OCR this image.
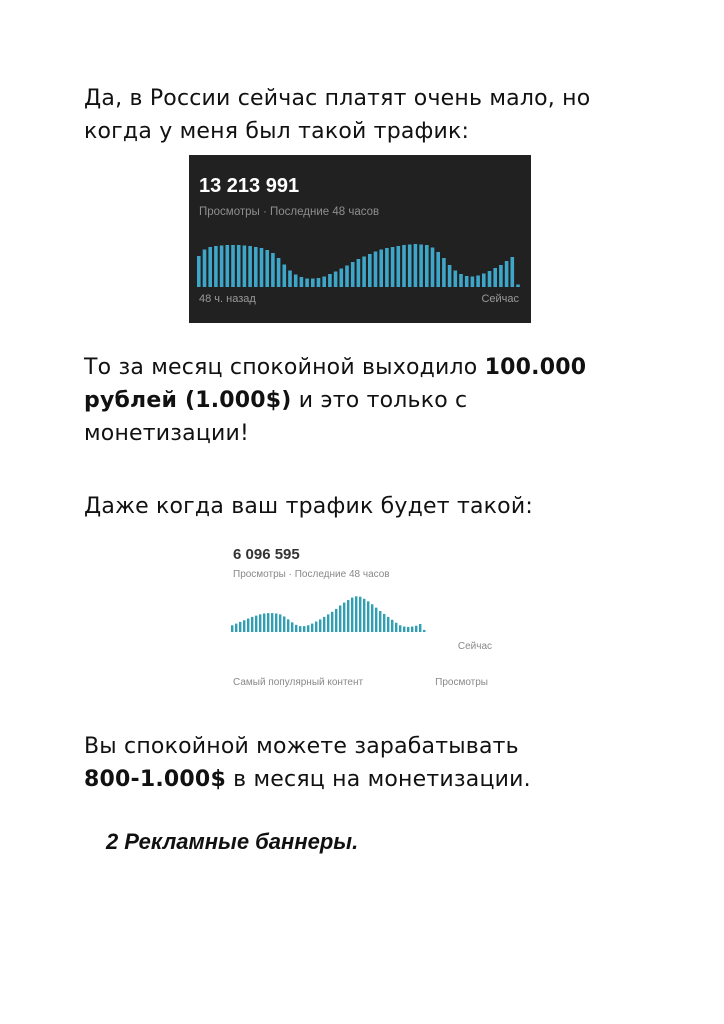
Да, в России сейчас платят очень мало, но
когда у меня был такой трафик:

13 213 991
Просмотры · Последние 48 часов
48 ч. назад	Сейчас

То за месяц спокойной выходило 100.000
рублей (1.000$) и это только с
монетизации!

Даже когда ваш трафик будет такой:

6 096 595
Просмотры · Последние 48 часов
Сейчас
Самый популярный контент	Просмотры

Вы спокойной можете зарабатывать
800-1.000$ в месяц на монетизации.

2 Рекламные баннеры.
